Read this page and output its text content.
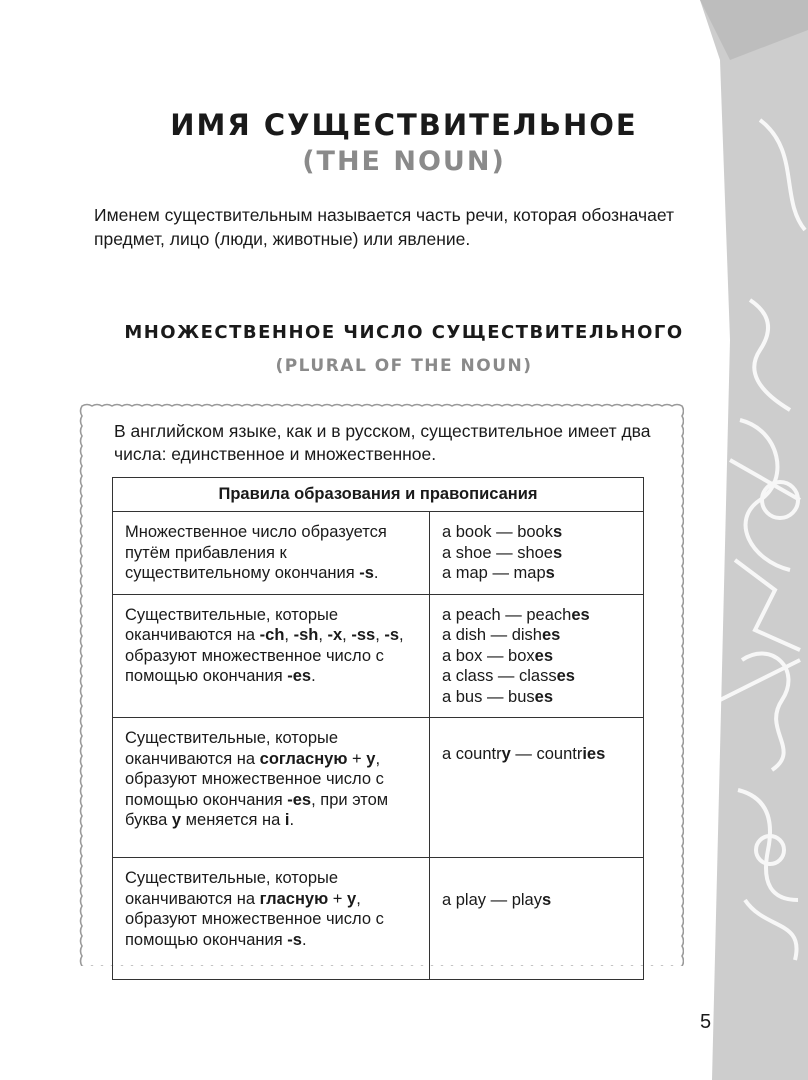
ИМЯ СУЩЕСТВИТЕЛЬНОЕ
(THE NOUN)

Именем существительным называется часть речи, которая обозначает предмет, лицо (люди, животные) или явление.

МНОЖЕСТВЕННОЕ ЧИСЛО СУЩЕСТВИТЕЛЬНОГО
(PLURAL OF THE NOUN)

В английском языке, как и в русском, существительное имеет два числа: единственное и множественное.

Правила образования и правописания	
Множественное число образуется путём прибавления к существительному окончания -s.	a book — books
a shoe — shoes
a map — maps

Существительные, которые оканчиваются на -ch, -sh, -x, -ss, -s, образуют множественное число с помощью окончания -es.	a peach — peaches
a dish — dishes
a box — boxes
a class — classes
a bus — buses

Существительные, которые оканчиваются на согласную + y, образуют множественное число с помощью окончания -es, при этом буква y меняется на i.	a country — countries

Существительные, которые оканчиваются на гласную + y, образуют множественное число с помощью окончания -s.	a play — plays
5
